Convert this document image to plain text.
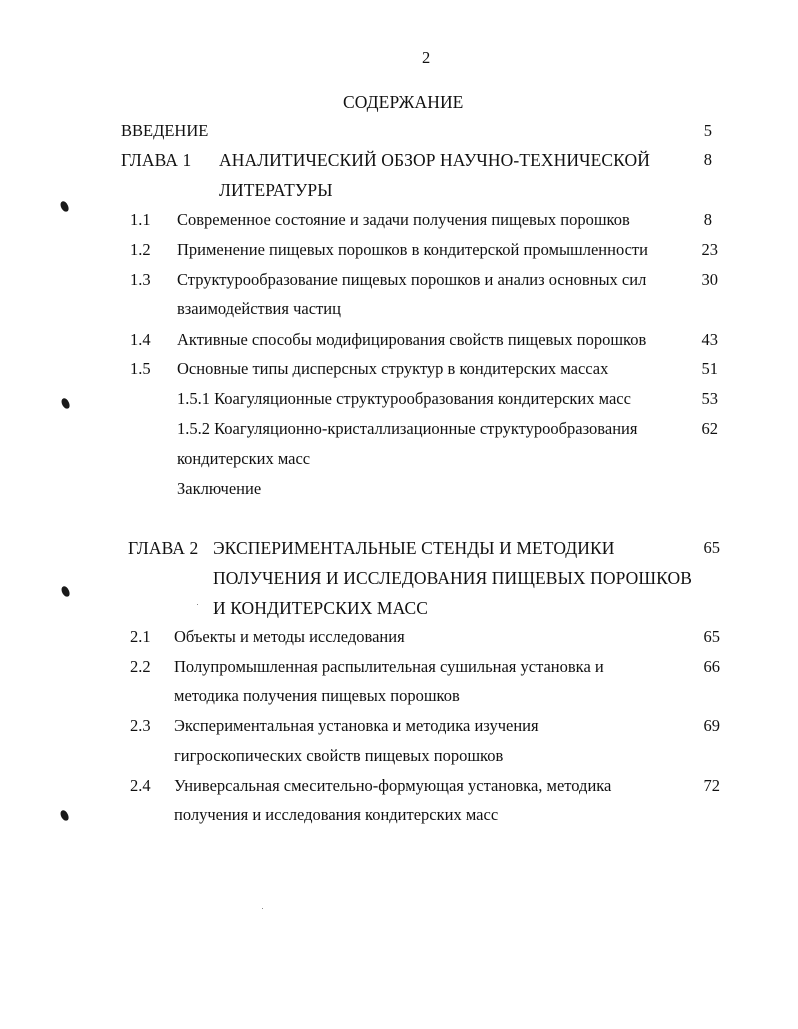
2
СОДЕРЖАНИЕ
ВВЕДЕНИЕ	5
ГЛАВА 1 АНАЛИТИЧЕСКИЙ ОБЗОР НАУЧНО-ТЕХНИЧЕСКОЙ
ЛИТЕРАТУРЫ
8
1.1 Современное состояние и задачи получения пищевых порошков	8
1.2 Применение пищевых порошков в кондитерской промышленности	23
1.3 Структурообразование пищевых порошков и анализ основных сил
взаимодействия частиц
30
1.4 Активные способы модифицирования свойств пищевых порошков	43
1.5 Основные типы дисперсных структур в кондитерских массах	51
1.5.1 Коагуляционные структурообразования кондитерских масс	53
1.5.2 Коагуляционно-кристаллизационные структурообразования
кондитерских масс
62
Заключение
ГЛАВА 2 ЭКСПЕРИМЕНТАЛЬНЫЕ СТЕНДЫ И МЕТОДИКИ
ПОЛУЧЕНИЯ И ИССЛЕДОВАНИЯ ПИЩЕВЫХ ПОРОШКОВ
И КОНДИТЕРСКИХ МАСС
65
2.1 Объекты и методы исследования	65
2.2 Полупромышленная распылительная сушильная установка и
методика получения пищевых порошков
66
2.3 Экспериментальная установка и методика изучения
гигроскопических свойств пищевых порошков
69
2.4 Универсальная смесительно-формующая установка, методика
получения и исследования кондитерских масс
72
